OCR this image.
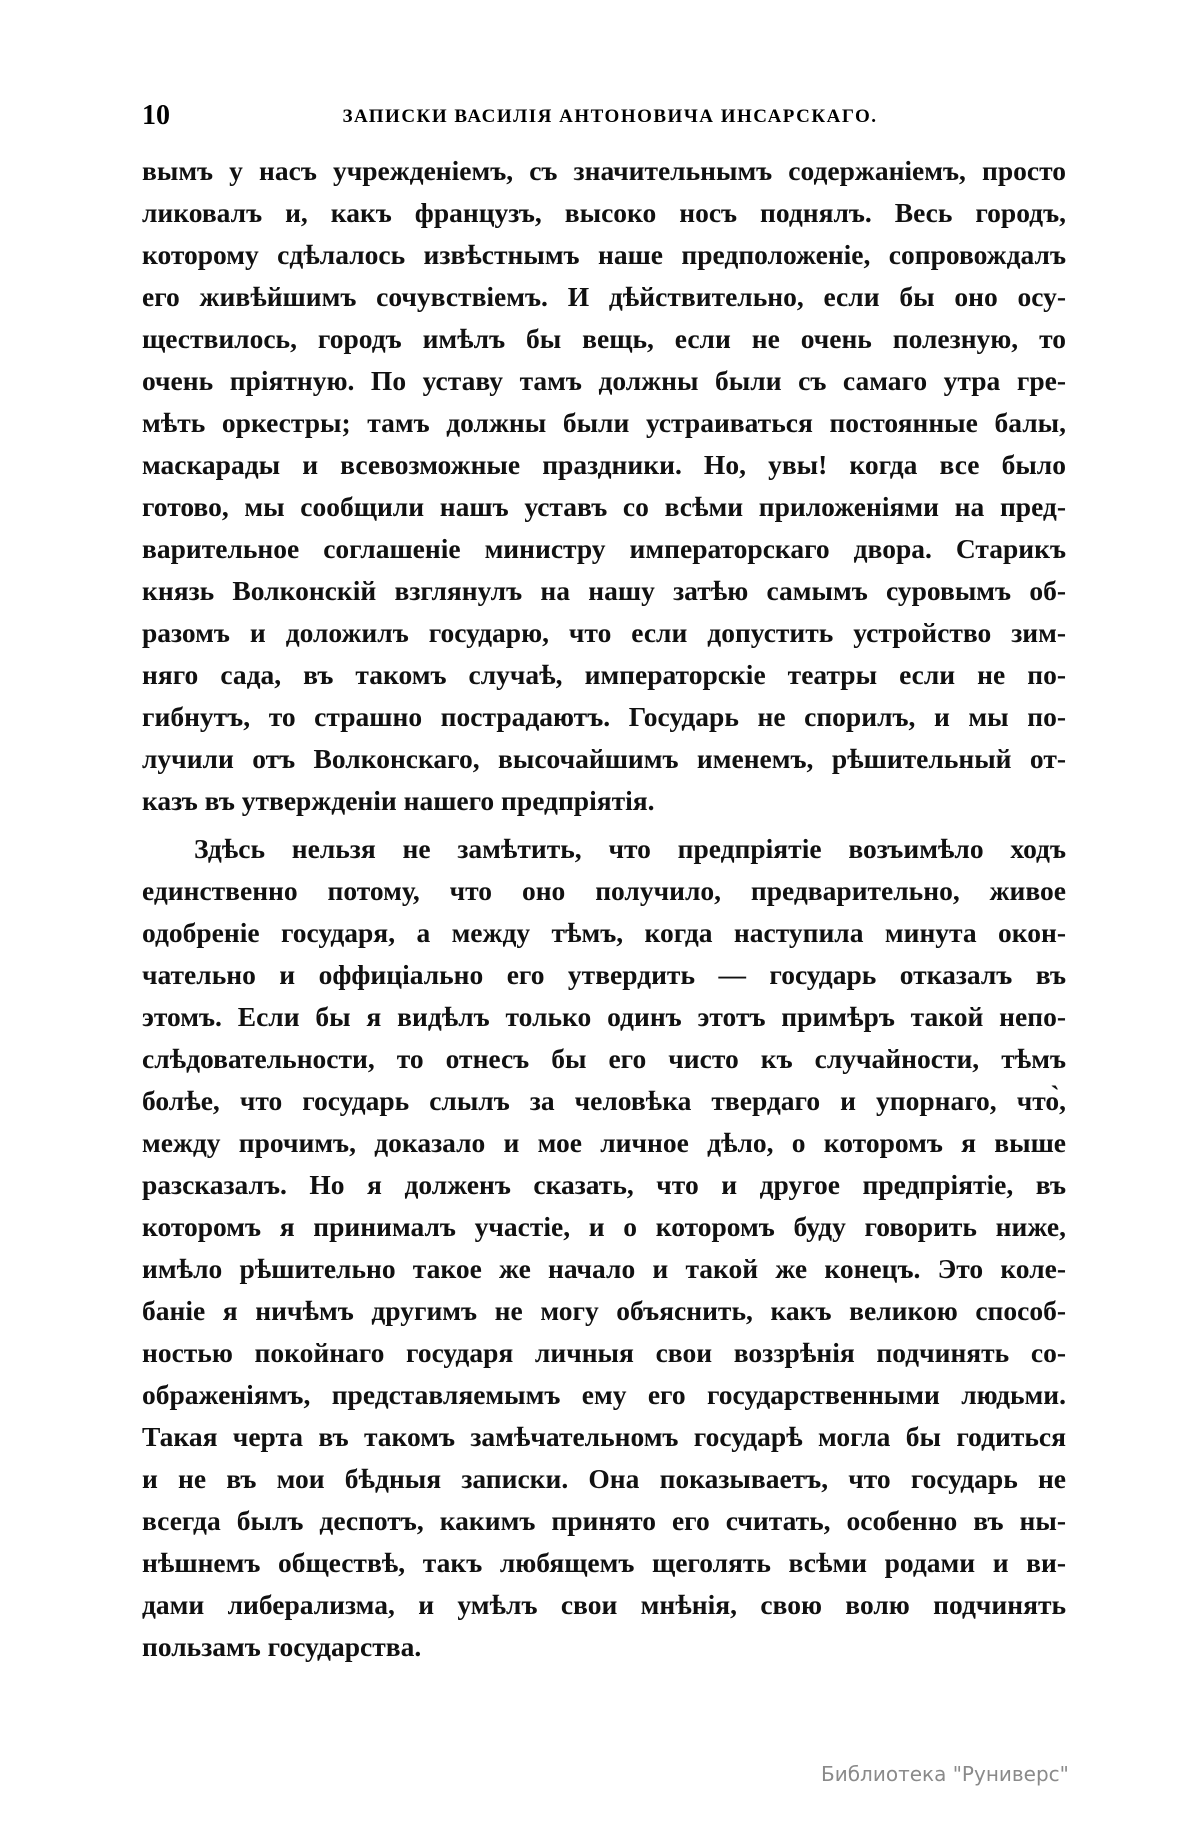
10	ЗАПИСКИ ВАСИЛІЯ АНТОНОВИЧА ИНСАРСКАГО.
вымъ у насъ учрежденіемъ, съ значительнымъ содержаніемъ, просто
ликовалъ и, какъ французъ, высоко носъ поднялъ. Весь городъ,
которому сдѣлалось извѣстнымъ наше предположеніе, сопровождалъ
его живѣйшимъ сочувствіемъ. И дѣйствительно, если бы оно осу-
ществилось, городъ имѣлъ бы вещь, если не очень полезную, то
очень пріятную. По уставу тамъ должны были съ самаго утра гре-
мѣть оркестры; тамъ должны были устраиваться постоянные балы,
маскарады и всевозможные праздники. Но, увы! когда все было
готово, мы сообщили нашъ уставъ со всѣми приложеніями на пред-
варительное соглашеніе министру императорскаго двора. Старикъ
князь Волконскій взглянулъ на нашу затѣю самымъ суровымъ об-
разомъ и доложилъ государю, что если допустить устройство зим-
няго сада, въ такомъ случаѣ, императорскіе театры если не по-
гибнутъ, то страшно пострадаютъ. Государь не спорилъ, и мы по-
лучили отъ Волконскаго, высочайшимъ именемъ, рѣшительный от-
казъ въ утвержденіи нашего предпріятія.
Здѣсь нельзя не замѣтить, что предпріятіе возъимѣло ходъ
единственно потому, что оно получило, предварительно, живое
одобреніе государя, а между тѣмъ, когда наступила минута окон-
чательно и оффиціально его утвердить — государь отказалъ въ
этомъ. Если бы я видѣлъ только одинъ этотъ примѣръ такой непо-
слѣдовательности, то отнесъ бы его чисто къ случайности, тѣмъ
болѣе, что государь слылъ за человѣка твердаго и упорнаго, что̀,
между прочимъ, доказало и мое личное дѣло, о которомъ я выше
разсказалъ. Но я долженъ сказать, что и другое предпріятіе, въ
которомъ я принималъ участіе, и о которомъ буду говорить ниже,
имѣло рѣшительно такое же начало и такой же конецъ. Это коле-
баніе я ничѣмъ другимъ не могу объяснить, какъ великою способ-
ностью покойнаго государя личныя свои воззрѣнія подчинять со-
ображеніямъ, представляемымъ ему его государственными людьми.
Такая черта въ такомъ замѣчательномъ государѣ могла бы годиться
и не въ мои бѣдныя записки. Она показываетъ, что государь не
всегда былъ деспотъ, какимъ принято его считать, особенно въ ны-
нѣшнемъ обществѣ, такъ любящемъ щеголять всѣми родами и ви-
дами либерализма, и умѣлъ свои мнѣнія, свою волю подчинять
пользамъ государства.
Библиотека "Руниверс"
